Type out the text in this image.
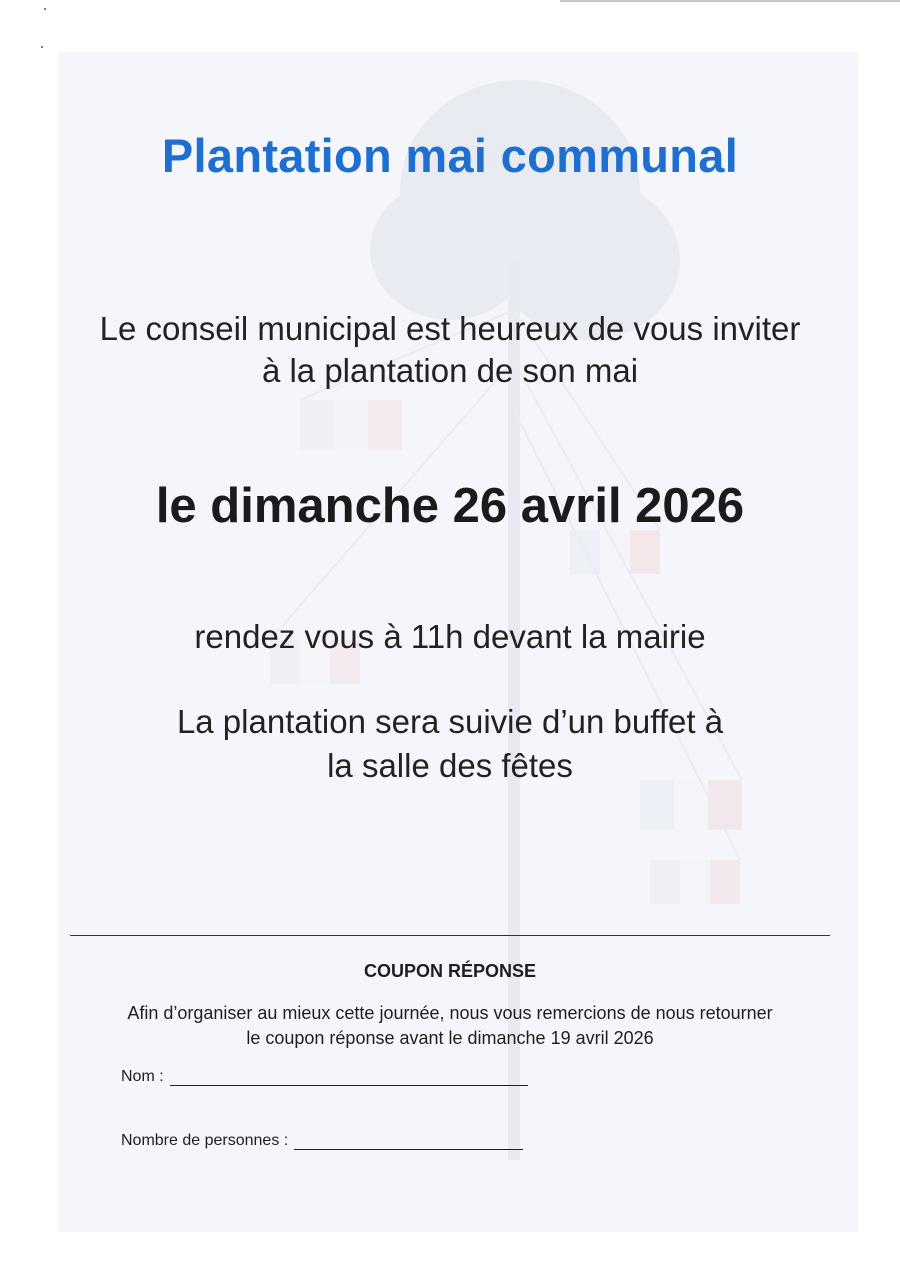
Plantation mai communal
Le conseil municipal est heureux de vous inviter
à la plantation de son mai
le dimanche 26 avril 2026
rendez vous à 11h devant la mairie
La plantation sera suivie d’un buffet à
la salle des fêtes
COUPON RÉPONSE
Afin d’organiser au mieux cette journée, nous vous remercions de nous retourner
le coupon réponse avant le dimanche 19 avril 2026
Nom :
Nombre de personnes :
